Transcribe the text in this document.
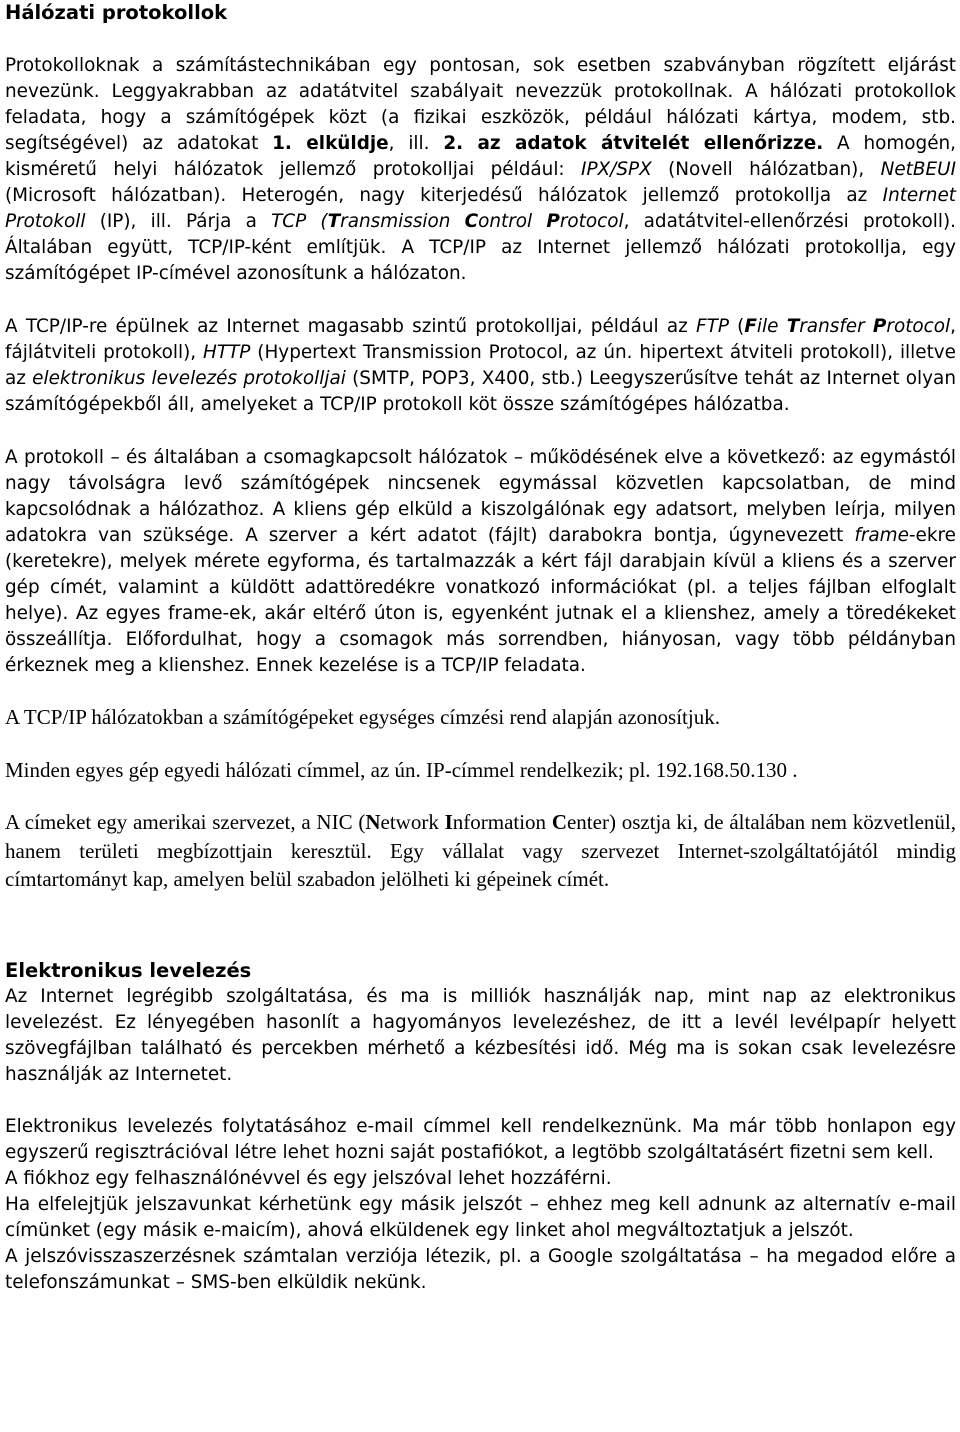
Hálózati protokollok

Protokolloknak a számítástechnikában egy pontosan, sok esetben szabványban rögzített eljárást nevezünk. Leggyakrabban az adatátvitel szabályait nevezzük protokollnak. A hálózati protokollok feladata, hogy a számítógépek közt (a fizikai eszközök, például hálózati kártya, modem, stb. segítségével) az adatokat 1. elküldje, ill. 2. az adatok átvitelét ellenőrizze. A homogén, kisméretű helyi hálózatok jellemző protokolljai például: IPX/SPX (Novell hálózatban), NetBEUI (Microsoft hálózatban). Heterogén, nagy kiterjedésű hálózatok jellemző protokollja az Internet Protokoll (IP), ill. Párja a TCP (Transmission Control Protocol, adatátvitel-ellenőrzési protokoll). Általában együtt, TCP/IP-ként említjük. A TCP/IP az Internet jellemző hálózati protokollja, egy számítógépet IP-címével azonosítunk a hálózaton.

A TCP/IP-re épülnek az Internet magasabb szintű protokolljai, például az FTP (File Transfer Protocol, fájlátviteli protokoll), HTTP (Hypertext Transmission Protocol, az ún. hipertext átviteli protokoll), illetve az elektronikus levelezés protokolljai (SMTP, POP3, X400, stb.) Leegyszerűsítve tehát az Internet olyan számítógépekből áll, amelyeket a TCP/IP protokoll köt össze számítógépes hálózatba.

A protokoll – és általában a csomagkapcsolt hálózatok – működésének elve a következő: az egymástól nagy távolságra levő számítógépek nincsenek egymással közvetlen kapcsolatban, de mind kapcsolódnak a hálózathoz. A kliens gép elküld a kiszolgálónak egy adatsort, melyben leírja, milyen adatokra van szüksége. A szerver a kért adatot (fájlt) darabokra bontja, úgynevezett frame-ekre (keretekre), melyek mérete egyforma, és tartalmazzák a kért fájl darabjain kívül a kliens és a szerver gép címét, valamint a küldött adattöredékre vonatkozó információkat (pl. a teljes fájlban elfoglalt helye). Az egyes frame-ek, akár eltérő úton is, egyenként jutnak el a klienshez, amely a töredékeket összeállítja. Előfordulhat, hogy a csomagok más sorrendben, hiányosan, vagy több példányban érkeznek meg a klienshez. Ennek kezelése is a TCP/IP feladata.

A TCP/IP hálózatokban a számítógépeket egységes címzési rend alapján azonosítjuk.

Minden egyes gép egyedi hálózati címmel, az ún. IP-címmel rendelkezik; pl. 192.168.50.130 .

A címeket egy amerikai szervezet, a NIC (Network Information Center) osztja ki, de általában nem közvetlenül, hanem területi megbízottjain keresztül. Egy vállalat vagy szervezet Internet-szolgáltatójától mindig címtartományt kap, amelyen belül szabadon jelölheti ki gépeinek címét.

Elektronikus levelezés

Az Internet legrégibb szolgáltatása, és ma is milliók használják nap, mint nap az elektronikus levelezést. Ez lényegében hasonlít a hagyományos levelezéshez, de itt a levél levélpapír helyett szövegfájlban található és percekben mérhető a kézbesítési idő. Még ma is sokan csak levelezésre használják az Internetet.

Elektronikus levelezés folytatásához e-mail címmel kell rendelkeznünk. Ma már több honlapon egy egyszerű regisztrációval létre lehet hozni saját postafiókot, a legtöbb szolgáltatásért fizetni sem kell.

A fiókhoz egy felhasználónévvel és egy jelszóval lehet hozzáférni.

Ha elfelejtjük jelszavunkat kérhetünk egy másik jelszót – ehhez meg kell adnunk az alternatív e-mail címünket (egy másik e-maicím), ahová elküldenek egy linket ahol megváltoztatjuk a jelszót.

A jelszóvisszaszerzésnek számtalan verziója létezik, pl. a Google szolgáltatása – ha megadod előre a telefonszámunkat – SMS-ben elküldik nekünk.
